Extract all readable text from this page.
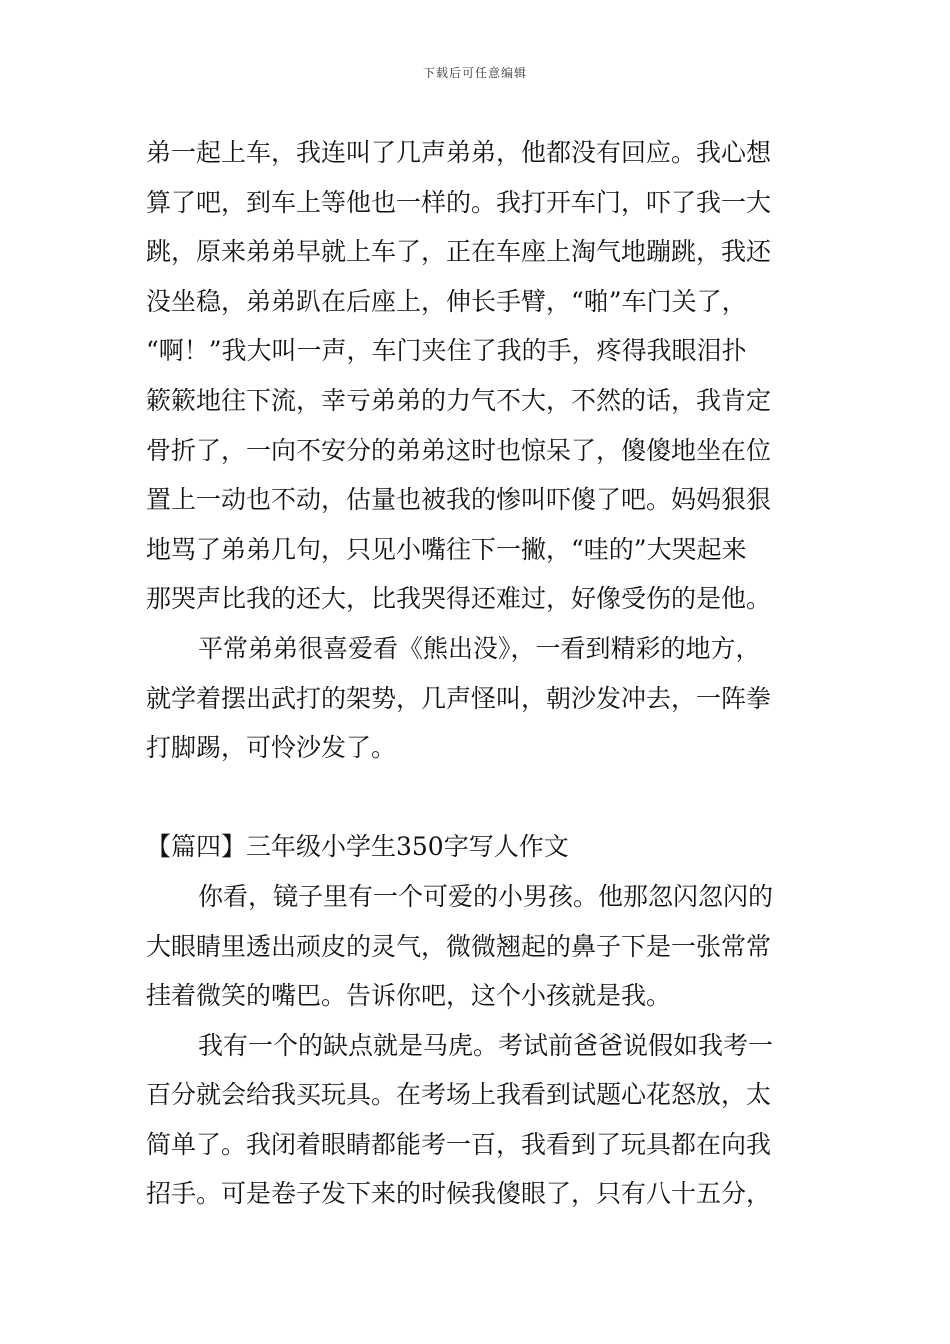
下载后可任意编辑
弟一起上车，我连叫了几声弟弟，他都没有回应。我心想
算了吧，到车上等他也一样的。我打开车门，吓了我一大
跳，原来弟弟早就上车了，正在车座上淘气地蹦跳，我还
没坐稳，弟弟趴在后座上，伸长手臂，“啪”车门关了，
“啊！”我大叫一声，车门夹住了我的手，疼得我眼泪扑
簌簌地往下流，幸亏弟弟的力气不大，不然的话，我肯定
骨折了，一向不安分的弟弟这时也惊呆了，傻傻地坐在位
置上一动也不动，估量也被我的惨叫吓傻了吧。妈妈狠狠
地骂了弟弟几句，只见小嘴往下一撇，“哇的”大哭起来
那哭声比我的还大，比我哭得还难过，好像受伤的是他。
平常弟弟很喜爱看《熊出没》，一看到精彩的地方，
就学着摆出武打的架势，几声怪叫，朝沙发冲去，一阵拳
打脚踢，可怜沙发了。
【篇四】三年级小学生350字写人作文
你看，镜子里有一个可爱的小男孩。他那忽闪忽闪的
大眼睛里透出顽皮的灵气，微微翘起的鼻子下是一张常常
挂着微笑的嘴巴。告诉你吧，这个小孩就是我。
我有一个的缺点就是马虎。考试前爸爸说假如我考一
百分就会给我买玩具。在考场上我看到试题心花怒放，太
简单了。我闭着眼睛都能考一百，我看到了玩具都在向我
招手。可是卷子发下来的时候我傻眼了，只有八十五分，
